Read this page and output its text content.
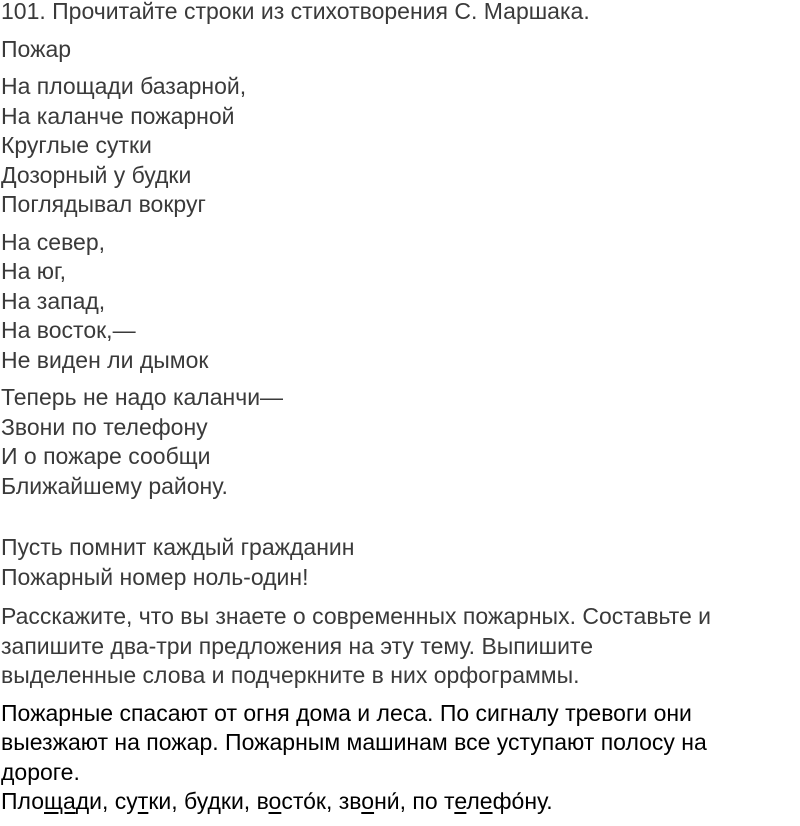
101. Прочитайте строки из стихотворения С. Маршака.
Пожар
На площади базарной,
На каланче пожарной
Круглые сутки
Дозорный у будки
Поглядывал вокруг
На север,
На юг,
На запад,
На восток,—
Не виден ли дымок
Теперь не надо каланчи—
Звони по телефону
И о пожаре сообщи
Ближайшему району.
Пусть помнит каждый гражданин
Пожарный номер ноль-один!
Расскажите, что вы знаете о современных пожарных. Составьте и
запишите два-три предложения на эту тему. Выпишите
выделенные слова и подчеркните в них орфограммы.
Пожарные спасают от огня дома и леса. По сигналу тревоги они
выезжают на пожар. Пожарным машинам все уступают полосу на
дороге.
Площади, сутки, будки, восто́к, звони́, по телефо́ну.
